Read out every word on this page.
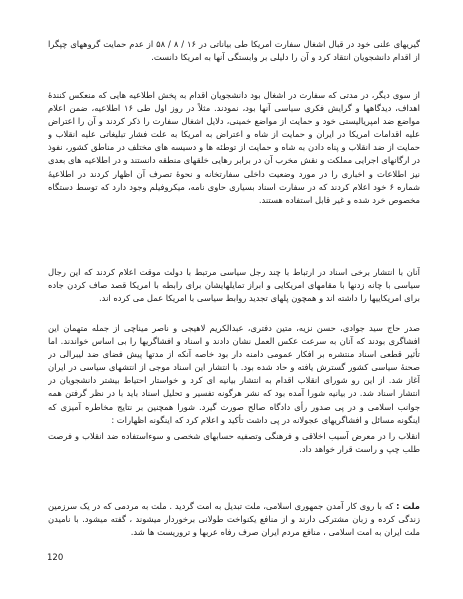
گیریهای علنی خود در قبال اشغال سفارت امریکا طی بیاناتی در ۱۶ / ۸ / ۵۸ از عدم حمایت گروههای چپگرا از اقدام دانشجویان انتقاد کرد و آن را دلیلی بر وابستگی آنها به امریکا دانست.

از سوی دیگر، در مدتی که سفارت در اشغال بود دانشجویان اقدام به پخش اطلاعیه هایی که منعکس کنندهٔ اهداف، دیدگاهها و گرایش فکری سیاسی آنها بود، نمودند. مثلاً در روز اول طی ۱۶ اطلاعیه، ضمن اعلام مواضع ضد امپریالیستی خود و حمایت از مواضع خمینی، دلایل اشغال سفارت را ذکر کردند و آن را اعتراض علیه اقدامات امریکا در ایران و حمایت از شاه و اعتراض به امریکا به علت فشار تبلیغاتی علیه انقلاب و حمایت از ضد انقلاب و پناه دادن به شاه و حمایت از توطئه ها و دسیسه های مختلف در مناطق کشور، نفوذ در ارگانهای اجرایی مملکت و نقش مخرب آن در برابر رهایی خلقهای منطقه دانستند و در اطلاعیه های بعدی نیز اطلاعات و اخباری را در مورد وضعیت داخلی سفارتخانه و نحوهٔ تصرف آن اظهار کردند در اطلاعیهٔ شماره ۶ خود اعلام کردند که در سفارت اسناد بسیاری حاوی نامه، میکروفیلم وجود دارد که توسط دستگاه مخصوص خرد شده و غیر قابل استفاده هستند.

آنان با انتشار برخی اسناد در ارتباط با چند رجل سیاسی مرتبط با دولت موقت اعلام کردند که این رجال سیاسی با چانه زدنها با مقامهای امریکایی و ابراز تمایلهایشان برای رابطه با امریکا قصد صاف کردن جاده برای امریکاییها را داشته اند و همچون پلهای تجدید روابط سیاسی با امریکا عمل می کرده اند.

صدر حاج سید جوادی، حسن نزیه، متین دفتری، عبدالکریم لاهیجی و ناصر میناچی از جمله متهمان این افشاگری بودند که آنان به سرعت عکس العمل نشان دادند و اسناد و افشاگریها را بی اساس خواندند. اما تأثیر قطعی اسناد منتشره بر افکار عمومی دامنه دار بود خاصه آنکه از مدتها پیش فضای ضد لیبرالی در صحنهٔ سیاسی کشور گسترش یافته و حاد شده بود. با انتشار این اسناد موجی از انتشهای سیاسی در ایران آغاز شد. از این رو شورای انقلاب اقدام به انتشار بیانیه ای کرد و خواستار احتیاط بیشتر دانشجویان در انتشار اسناد شد. در بیانیه شورا آمده بود که نشر هرگونه تفسیر و تحلیل اسناد باید با در نظر گرفتن همه جوانب اسلامی و در پی صدور رأی دادگاه صالح صورت گیرد. شورا همچنین بر نتایج مخاطره آمیزی که اینگونه مسائل و افشاگریهای عجولانه در پی داشت تأکید و اعلام کرد که اینگونه اظهارات :

انقلاب را در معرض آسیب اخلاقی و فرهنگی وتصفیه حسابهای شخصی و سوءاستفاده ضد انقلاب و فرصت طلب چپ و راست قرار خواهد داد.

ملت : که با روی کار آمدن جمهوری اسلامی، ملت تبدیل به امت گردید . ملت به مردمی که در یک سرزمین زندگی کرده و زبان مشترکی دارند و از منافع یکنواخت طولانی برخوردار میشوند ، گفته میشود. با نامیدن ملت ایران به امت اسلامی ، منافع مردم ایران صرف رفاه عربها و تروریست ها شد.

120
